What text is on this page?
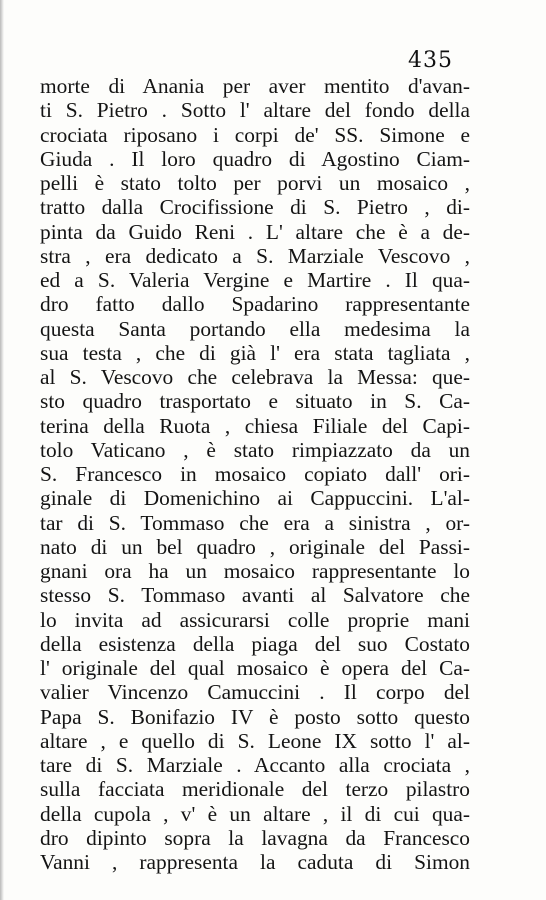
435
morte di Anania per aver mentito d'avan-
ti S. Pietro . Sotto l' altare del fondo della
crociata riposano i corpi de' SS. Simone e
Giuda . Il loro quadro di Agostino Ciam-
pelli è stato tolto per porvi un mosaico ,
tratto dalla Crocifissione di S. Pietro , di-
pinta da Guido Reni . L' altare che è a de-
stra , era dedicato a S. Marziale Vescovo ,
ed a S. Valeria Vergine e Martire . Il qua-
dro fatto dallo Spadarino rappresentante
questa Santa portando ella medesima la
sua testa , che di già l' era stata tagliata ,
al S. Vescovo che celebrava la Messa: que-
sto quadro trasportato e situato in S. Ca-
terina della Ruota , chiesa Filiale del Capi-
tolo Vaticano , è stato rimpiazzato da un
S. Francesco in mosaico copiato dall' ori-
ginale di Domenichino ai Cappuccini. L'al-
tar di S. Tommaso che era a sinistra , or-
nato di un bel quadro , originale del Passi-
gnani ora ha un mosaico rappresentante lo
stesso S. Tommaso avanti al Salvatore che
lo invita ad assicurarsi colle proprie mani
della esistenza della piaga del suo Costato
l' originale del qual mosaico è opera del Ca-
valier Vincenzo Camuccini . Il corpo del
Papa S. Bonifazio IV è posto sotto questo
altare , e quello di S. Leone IX sotto l' al-
tare di S. Marziale . Accanto alla crociata ,
sulla facciata meridionale del terzo pilastro
della cupola , v' è un altare , il di cui qua-
dro dipinto sopra la lavagna da Francesco
Vanni , rappresenta la caduta di Simon
